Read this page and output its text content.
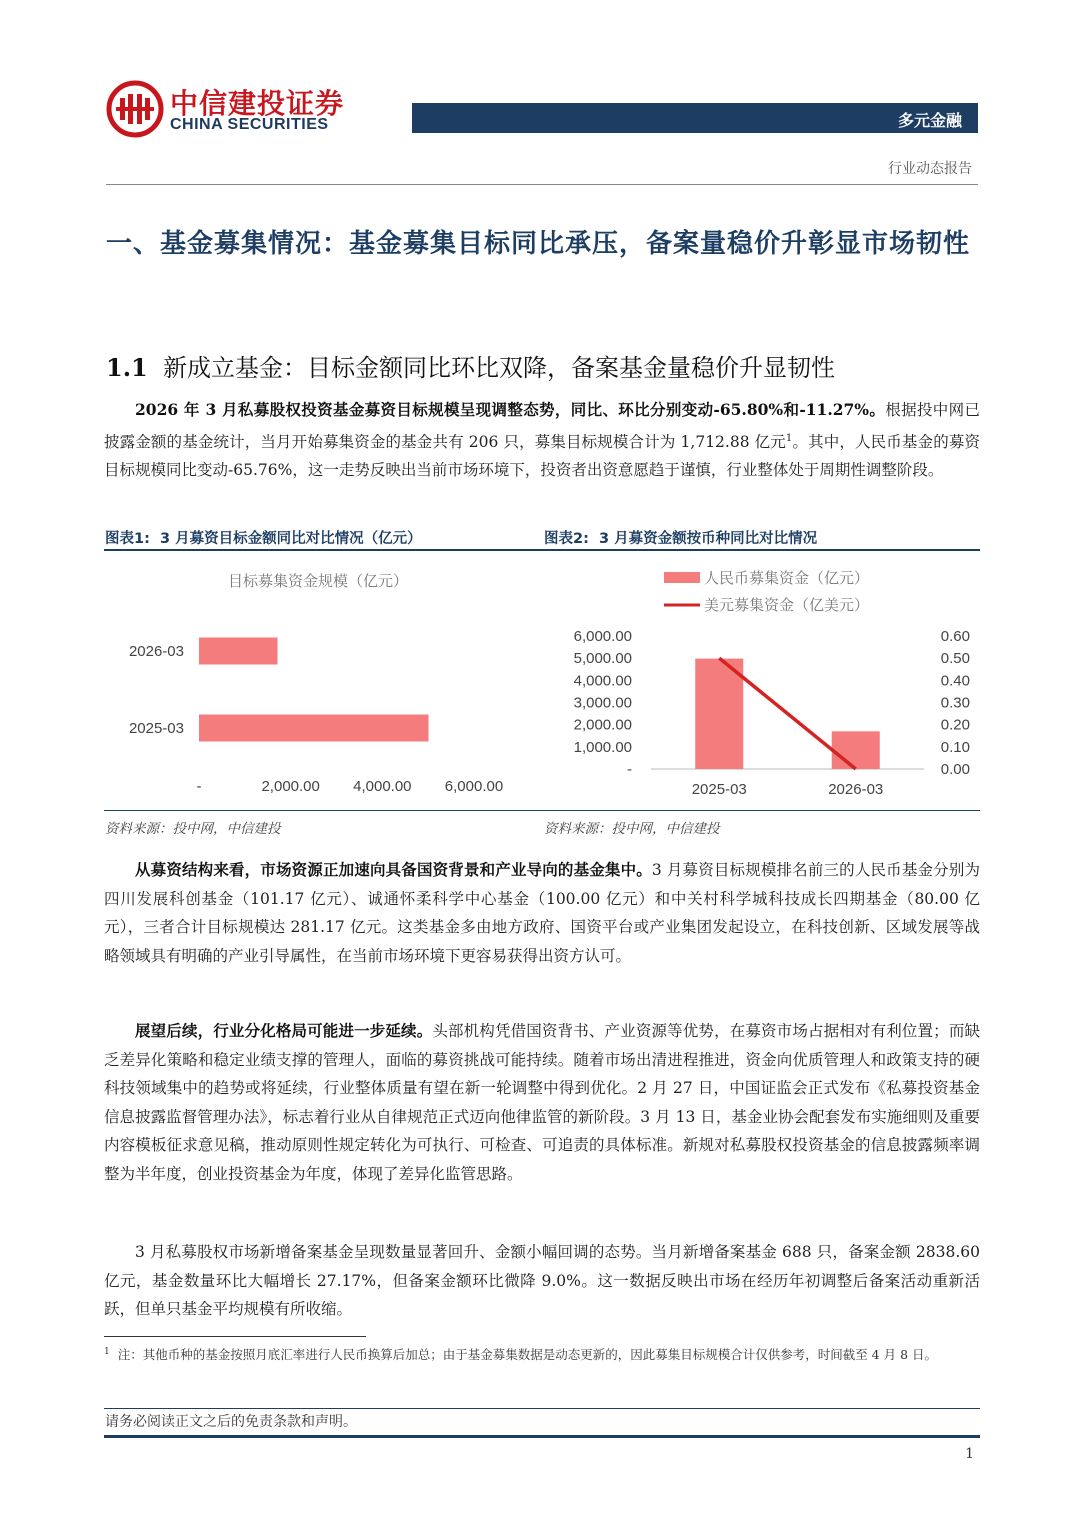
中信建投证券
CHINA SECURITIES	多元金融
行业动态报告
一、基金募集情况：基金募集目标同比承压，备案量稳价升彰显市场韧性
1.1 新成立基金：目标金额同比环比双降，备案基金量稳价升显韧性
2026 年 3 月私募股权投资基金募资目标规模呈现调整态势，同比、环比分别变动-65.80%和-11.27%。根据投中网已披露金额的基金统计，当月开始募集资金的基金共有 206 只，募集目标规模合计为 1,712.88 亿元$^1$。其中，人民币基金的募资目标规模同比变动-65.76%，这一走势反映出当前市场环境下，投资者出资意愿趋于谨慎，行业整体处于周期性调整阶段。
图表1: 3 月募资目标金额同比对比情况（亿元）	图表2: 3 月募资金额按币种同比对比情况
目标募集资金规模（亿元）
2026-03
2025-03
-	2,000.00 4,000.00 6,000.00
人民币募集资金（亿元）
美元募集资金（亿美元）
-
1,000.00
2,000.00
3,000.00
4,000.00
5,000.00
6,000.00
0.00
0.10
0.20
0.30
0.40
0.50
0.60
2025-03	2026-03
资料来源：投中网，中信建投	资料来源：投中网，中信建投
从募资结构来看，市场资源正加速向具备国资背景和产业导向的基金集中。3 月募资目标规模排名前三的人民币基金分别为四川发展科创基金（101.17 亿元）、诚通怀柔科学中心基金（100.00 亿元）和中关村科学城科技成长四期基金（80.00 亿元），三者合计目标规模达 281.17 亿元。这类基金多由地方政府、国资平台或产业集团发起设立，在科技创新、区域发展等战略领域具有明确的产业引导属性，在当前市场环境下更容易获得出资方认可。
展望后续，行业分化格局可能进一步延续。头部机构凭借国资背书、产业资源等优势，在募资市场占据相对有利位置；而缺乏差异化策略和稳定业绩支撑的管理人，面临的募资挑战可能持续。随着市场出清进程推进，资金向优质管理人和政策支持的硬科技领域集中的趋势或将延续，行业整体质量有望在新一轮调整中得到优化。2 月 27 日，中国证监会正式发布《私募投资基金信息披露监督管理办法》，标志着行业从自律规范正式迈向他律监管的新阶段。3 月 13 日，基金业协会配套发布实施细则及重要内容模板征求意见稿，推动原则性规定转化为可执行、可检查、可追责的具体标准。新规对私募股权投资基金的信息披露频率调整为半年度，创业投资基金为年度，体现了差异化监管思路。
3 月私募股权市场新增备案基金呈现数量显著回升、金额小幅回调的态势。当月新增备案基金 688 只，备案金额 2838.60 亿元，基金数量环比大幅增长 27.17%，但备案金额环比微降 9.0%。这一数据反映出市场在经历年初调整后备案活动重新活跃，但单只基金平均规模有所收缩。
$^1$ 注：其他币种的基金按照月底汇率进行人民币换算后加总；由于基金募集数据是动态更新的，因此募集目标规模合计仅供参考，时间截至 4 月 8 日。
请务必阅读正文之后的免责条款和声明。
1
